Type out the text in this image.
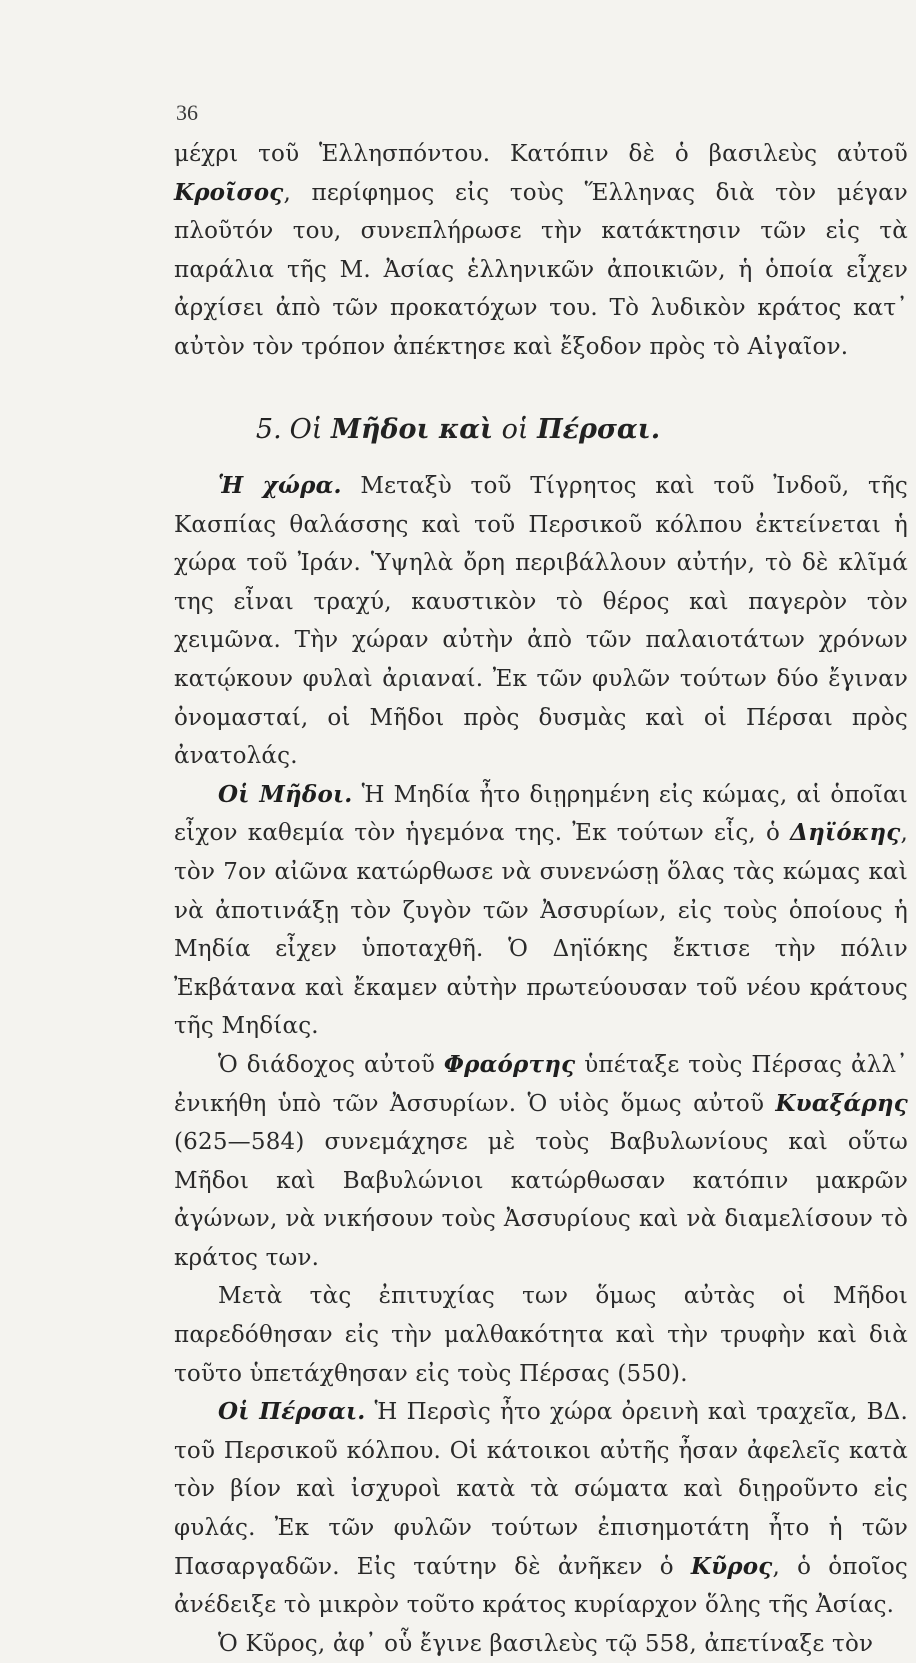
36

μέχρι τοῦ Ἑλλησπόντου. Κατόπιν δὲ ὁ βασιλεὺς αὐτοῦ Κροῖσος, περίφημος εἰς τοὺς Ἕλληνας διὰ τὸν μέγαν πλοῦτόν του, συνεπλήρωσε τὴν κατάκτησιν τῶν εἰς τὰ παράλια τῆς Μ. Ἀσίας ἑλληνικῶν ἀποικιῶν, ἡ ὁποία εἶχεν ἀρχίσει ἀπὸ τῶν προκατόχων του. Τὸ λυδικὸν κράτος κατ᾿ αὐτὸν τὸν τρόπον ἀπέκτησε καὶ ἔξοδον πρὸς τὸ Αἰγαῖον.

5. Οἱ Μῆδοι καὶ οἱ Πέρσαι.

Ἡ χώρα. Μεταξὺ τοῦ Τίγρητος καὶ τοῦ Ἰνδοῦ, τῆς Κασπίας θαλάσσης καὶ τοῦ Περσικοῦ κόλπου ἐκτείνεται ἡ χώρα τοῦ Ἰράν. Ὑψηλὰ ὄρη περιβάλλουν αὐτήν, τὸ δὲ κλῖμά της εἶναι τραχύ, καυστικὸν τὸ θέρος καὶ παγερὸν τὸν χειμῶνα. Τὴν χώραν αὐτὴν ἀπὸ τῶν παλαιοτάτων χρόνων κατῴκουν φυλαὶ ἀριαναί. Ἐκ τῶν φυλῶν τούτων δύο ἔγιναν ὀνομασταί, οἱ Μῆδοι πρὸς δυσμὰς καὶ οἱ Πέρσαι πρὸς ἀνατολάς.

Οἱ Μῆδοι. Ἡ Μηδία ἦτο διῃρημένη εἰς κώμας, αἱ ὁποῖαι εἶχον καθεμία τὸν ἡγεμόνα της. Ἐκ τούτων εἷς, ὁ Δηϊόκης, τὸν 7ον αἰῶνα κατώρθωσε νὰ συνενώσῃ ὅλας τὰς κώμας καὶ νὰ ἀποτινάξῃ τὸν ζυγὸν τῶν Ἀσσυρίων, εἰς τοὺς ὁποίους ἡ Μηδία εἶχεν ὑποταχθῆ. Ὁ Δηϊόκης ἔκτισε τὴν πόλιν Ἐκβάτανα καὶ ἔκαμεν αὐτὴν πρωτεύουσαν τοῦ νέου κράτους τῆς Μηδίας.

Ὁ διάδοχος αὐτοῦ Φραόρτης ὑπέταξε τοὺς Πέρσας ἀλλ᾿ ἐνικήθη ὑπὸ τῶν Ἀσσυρίων. Ὁ υἱὸς ὅμως αὐτοῦ Κυαξάρης (625—584) συνεμάχησε μὲ τοὺς Βαβυλωνίους καὶ οὕτω Μῆδοι καὶ Βαβυλώνιοι κατώρθωσαν κατόπιν μακρῶν ἀγώνων, νὰ νικήσουν τοὺς Ἀσσυρίους καὶ νὰ διαμελίσουν τὸ κράτος των.

Μετὰ τὰς ἐπιτυχίας των ὅμως αὐτὰς οἱ Μῆδοι παρεδόθησαν εἰς τὴν μαλθακότητα καὶ τὴν τρυφὴν καὶ διὰ τοῦτο ὑπετάχθησαν εἰς τοὺς Πέρσας (550).

Οἱ Πέρσαι. Ἡ Περσὶς ἦτο χώρα ὀρεινὴ καὶ τραχεῖα, ΒΔ. τοῦ Περσικοῦ κόλπου. Οἱ κάτοικοι αὐτῆς ἦσαν ἀφελεῖς κατὰ τὸν βίον καὶ ἰσχυροὶ κατὰ τὰ σώματα καὶ διῃροῦντο εἰς φυλάς. Ἐκ τῶν φυλῶν τούτων ἐπισημοτάτη ἦτο ἡ τῶν Πασαργαδῶν. Εἰς ταύτην δὲ ἀνῆκεν ὁ Κῦρος, ὁ ὁποῖος ἀνέδειξε τὸ μικρὸν τοῦτο κράτος κυρίαρχον ὅλης τῆς Ἀσίας.

Ὁ Κῦρος, ἀφ᾿ οὗ ἔγινε βασιλεὺς τῷ 558, ἀπετίναξε τὸν
